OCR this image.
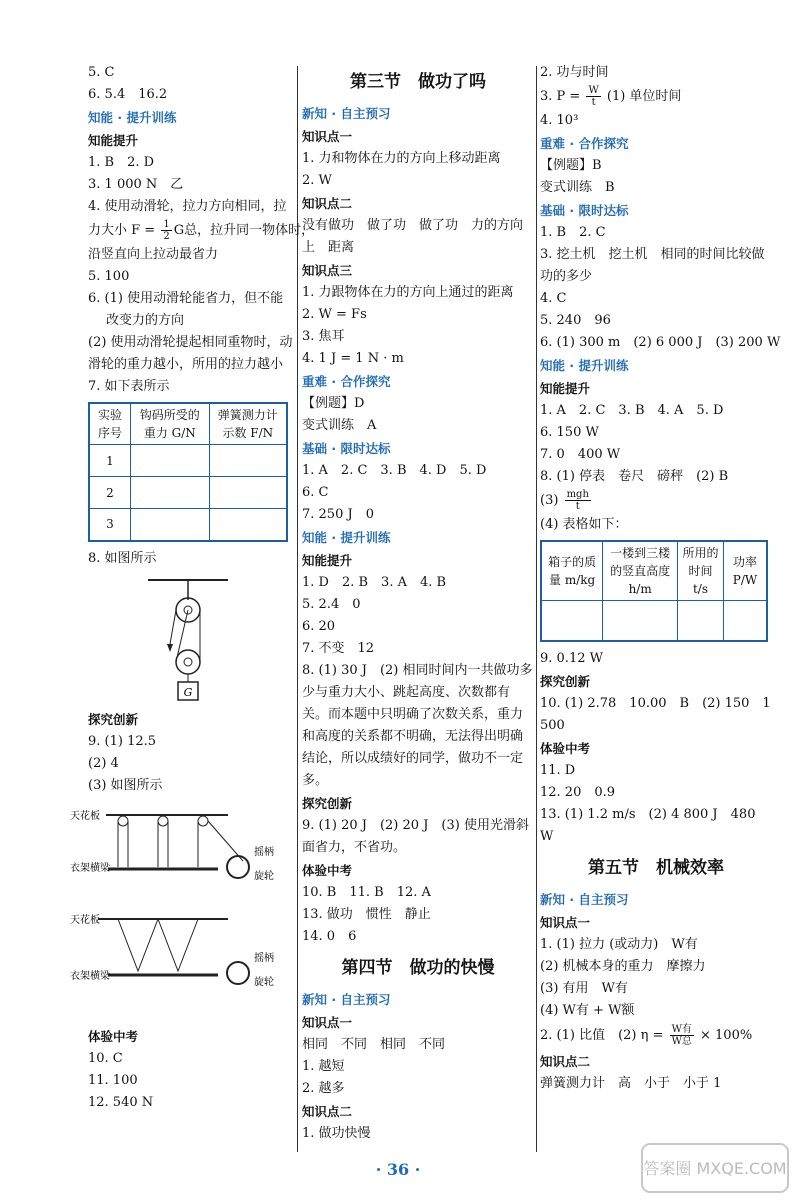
5. C
6. 5.4　16.2
知能 · 提升训练
知能提升
1. B　2. D
3. 1 000 N　乙
4. 使用动滑轮，拉力方向相同，拉
力大小 $F = \frac{1}{2}$ G总，拉升同一物体时，
沿竖直向上拉动最省力
5. 100
6. (1) 使用动滑轮能省力，但不能改变力的方向
(2) 使用动滑轮提起相同重物时，动滑轮的重力越小，所用的拉力越小
7. 如下表所示
实验序号	钩码所受的重力 G/N	弹簧测力计示数 F/N
1		
2		
3		
8. 如图所示
G
探究创新
9. (1) 12.5
(2) 4
(3) 如图所示
天花板
衣架横梁
摇柄
旋轮
天花板
衣架横梁
摇柄
旋轮
体验中考
10. C
11. 100
12. 540 N
第三节　做功了吗
新知 · 自主预习
知识点一
1. 力和物体在力的方向上移动距离
2. W
知识点二
没有做功　做了功　做了功　力的方向上　距离
知识点三
1. 力跟物体在力的方向上通过的距离
2. W = Fs
3. 焦耳
4. 1 J = 1 N · m
重难 · 合作探究
【例题】D
变式训练　A
基础 · 限时达标
1. A　2. C　3. B　4. D　5. D
6. C
7. 250 J　0
知能 · 提升训练
知能提升
1. D　2. B　3. A　4. B
5. 2.4　0
6. 20
7. 不变　12
8. (1) 30 J　(2) 相同时间内一共做功多少与重力大小、跳起高度、次数都有关。而本题中只明确了次数关系，重力和高度的关系都不明确，无法得出明确结论，所以成绩好的同学，做功不一定多。
探究创新
9. (1) 20 J　(2) 20 J　(3) 使用光滑斜面省力，不省功。
体验中考
10. B　11. B　12. A
13. 做功　惯性　静止
14. 0　6
第四节　做功的快慢
新知 · 自主预习
知识点一
相同　不同　相同　不同
1. 越短
2. 越多
知识点二
1. 做功快慢
2. 功与时间
3. $P = \frac{W}{t} (1)$ 单位时间
4. 10³
重难 · 合作探究
【例题】B
变式训练　B
基础 · 限时达标
1. B　2. C
3. 挖土机　挖土机　相同的时间比较做功的多少
4. C
5. 240　96
6. (1) 300 m　(2) 6 000 J　(3) 200 W
知能 · 提升训练
知能提升
1. A　2. C　3. B　4. A　5. D
6. 150 W
7. 0　400 W
8. (1) 停表　卷尺　磅秤　(2) B
$(3) \frac{\text{mgh}}{t}$
(4) 表格如下：
箱子的质量 m/kg	一楼到三楼的竖直高度 h/m	所用的时间 t/s	功率 P/W

9. 0.12 W
探究创新
10. (1) 2.78　10.00　B　(2) 150　1 500
体验中考
11. D
12. 20　0.9
13. (1) 1.2 m/s　(2) 4 800 J　480 W
第五节　机械效率
新知 · 自主预习
知识点一
1. (1) 拉力 (或动力)　W有
(2) 机械本身的重力　摩擦力
(3) 有用　W有
(4) W有 + W额
2. (1) 比值　(2) $\eta = \frac{\text{W有}}{\text{W总}} \times 100\%$
知识点二
弹簧测力计　高　小于　小于 1
· 36 ·	答案圈 MXQE.COM
